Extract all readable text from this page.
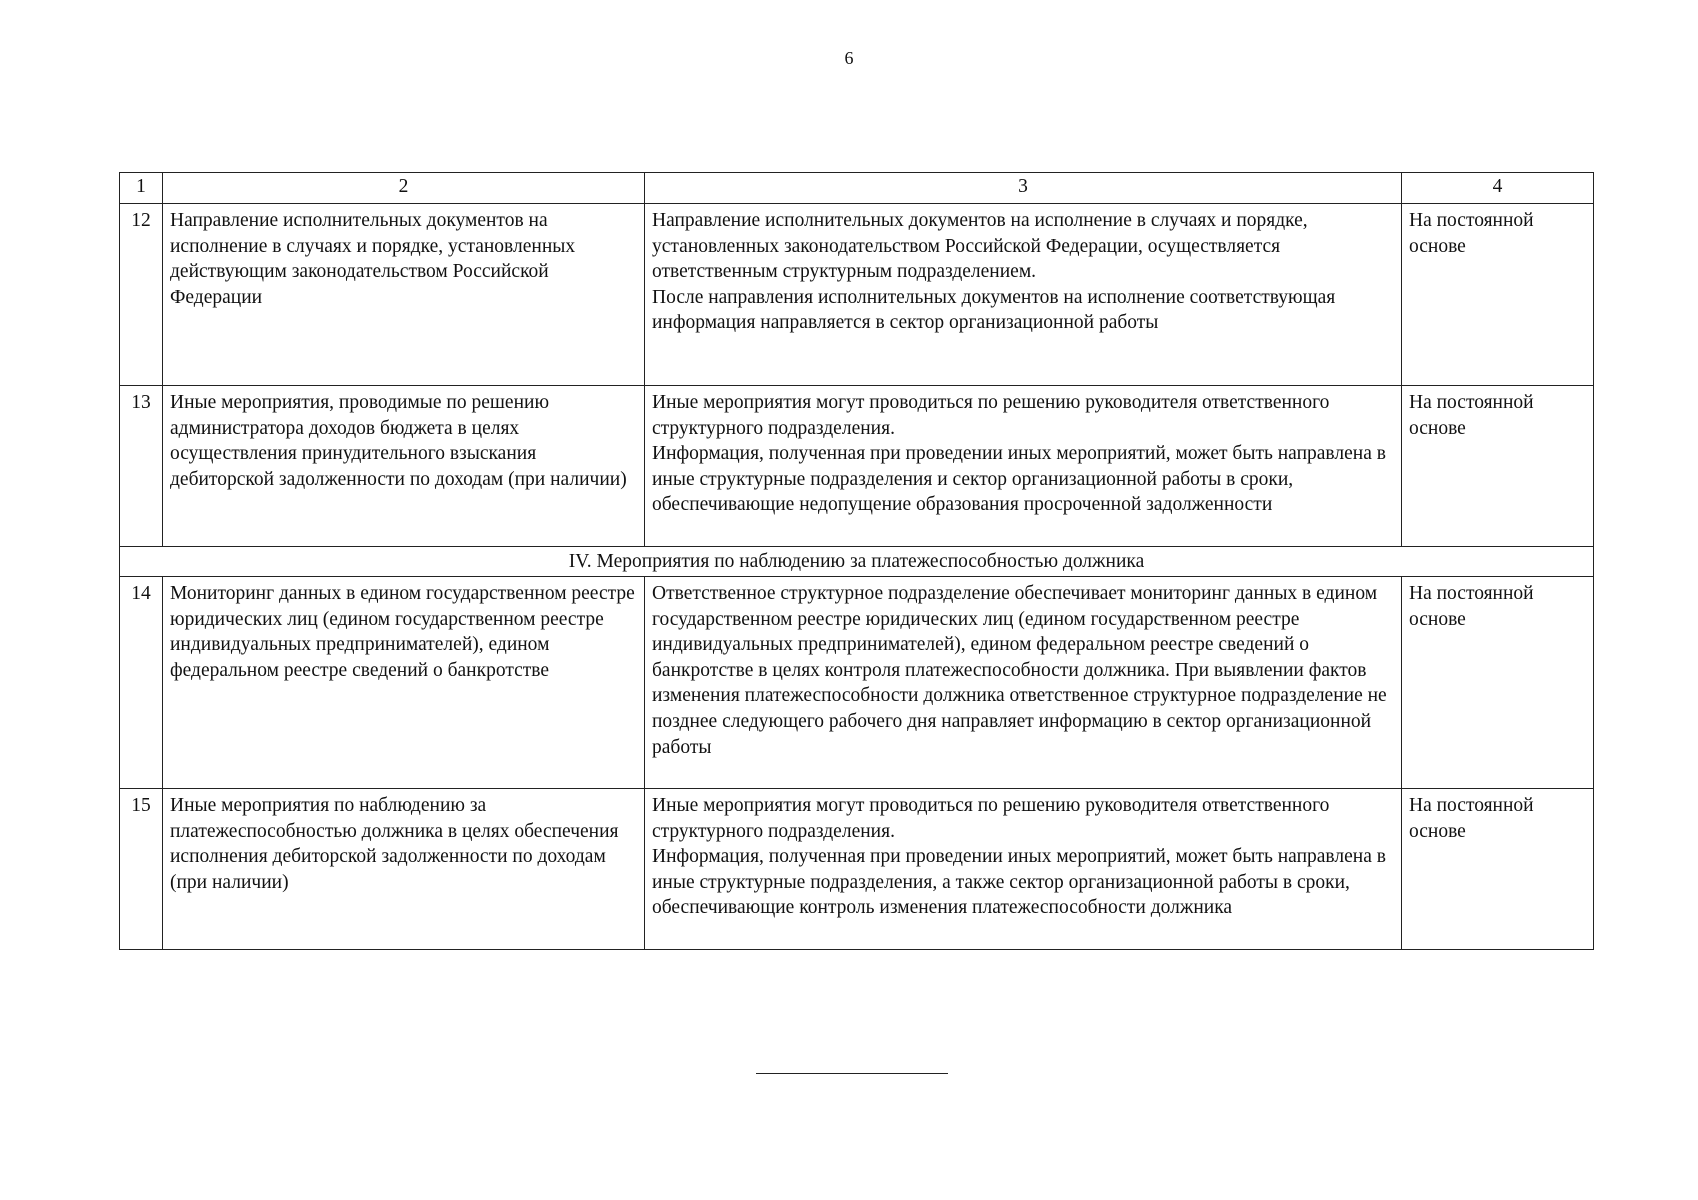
6
1	2	3	4
12	Направление исполнительных документов на исполнение в случаях и порядке, установленных действующим законодательством Российской Федерации	Направление исполнительных документов на исполнение в случаях и порядке, установленных законодательством Российской Федерации, осуществляется ответственным структурным подразделением.
После направления исполнительных документов на исполнение соответствующая информация направляется в сектор организационной работы	На постоянной основе
13	Иные мероприятия, проводимые по решению администратора доходов бюджета в целях осуществления принудительного взыскания дебиторской задолженности по доходам (при наличии)	Иные мероприятия могут проводиться по решению руководителя ответственного структурного подразделения.
Информация, полученная при проведении иных мероприятий, может быть направлена в иные структурные подразделения и сектор организационной работы в сроки, обеспечивающие недопущение образования просроченной задолженности	На постоянной основе
IV. Мероприятия по наблюдению за платежеспособностью должника			
14	Мониторинг данных в едином государственном реестре юридических лиц (едином государственном реестре индивидуальных предпринимателей), едином федеральном реестре сведений о банкротстве	Ответственное структурное подразделение обеспечивает мониторинг данных в едином государственном реестре юридических лиц (едином государственном реестре индивидуальных предпринимателей), едином федеральном реестре сведений о банкротстве в целях контроля платежеспособности должника. При выявлении фактов изменения платежеспособности должника ответственное структурное подразделение не позднее следующего рабочего дня направляет информацию в сектор организационной работы	На постоянной основе
15	Иные мероприятия по наблюдению за платежеспособностью должника в целях обеспечения исполнения дебиторской задолженности по доходам (при наличии)	Иные мероприятия могут проводиться по решению руководителя ответственного структурного подразделения.
Информация, полученная при проведении иных мероприятий, может быть направлена в иные структурные подразделения, а также сектор организационной работы в сроки, обеспечивающие контроль изменения платежеспособности должника	На постоянной основе
